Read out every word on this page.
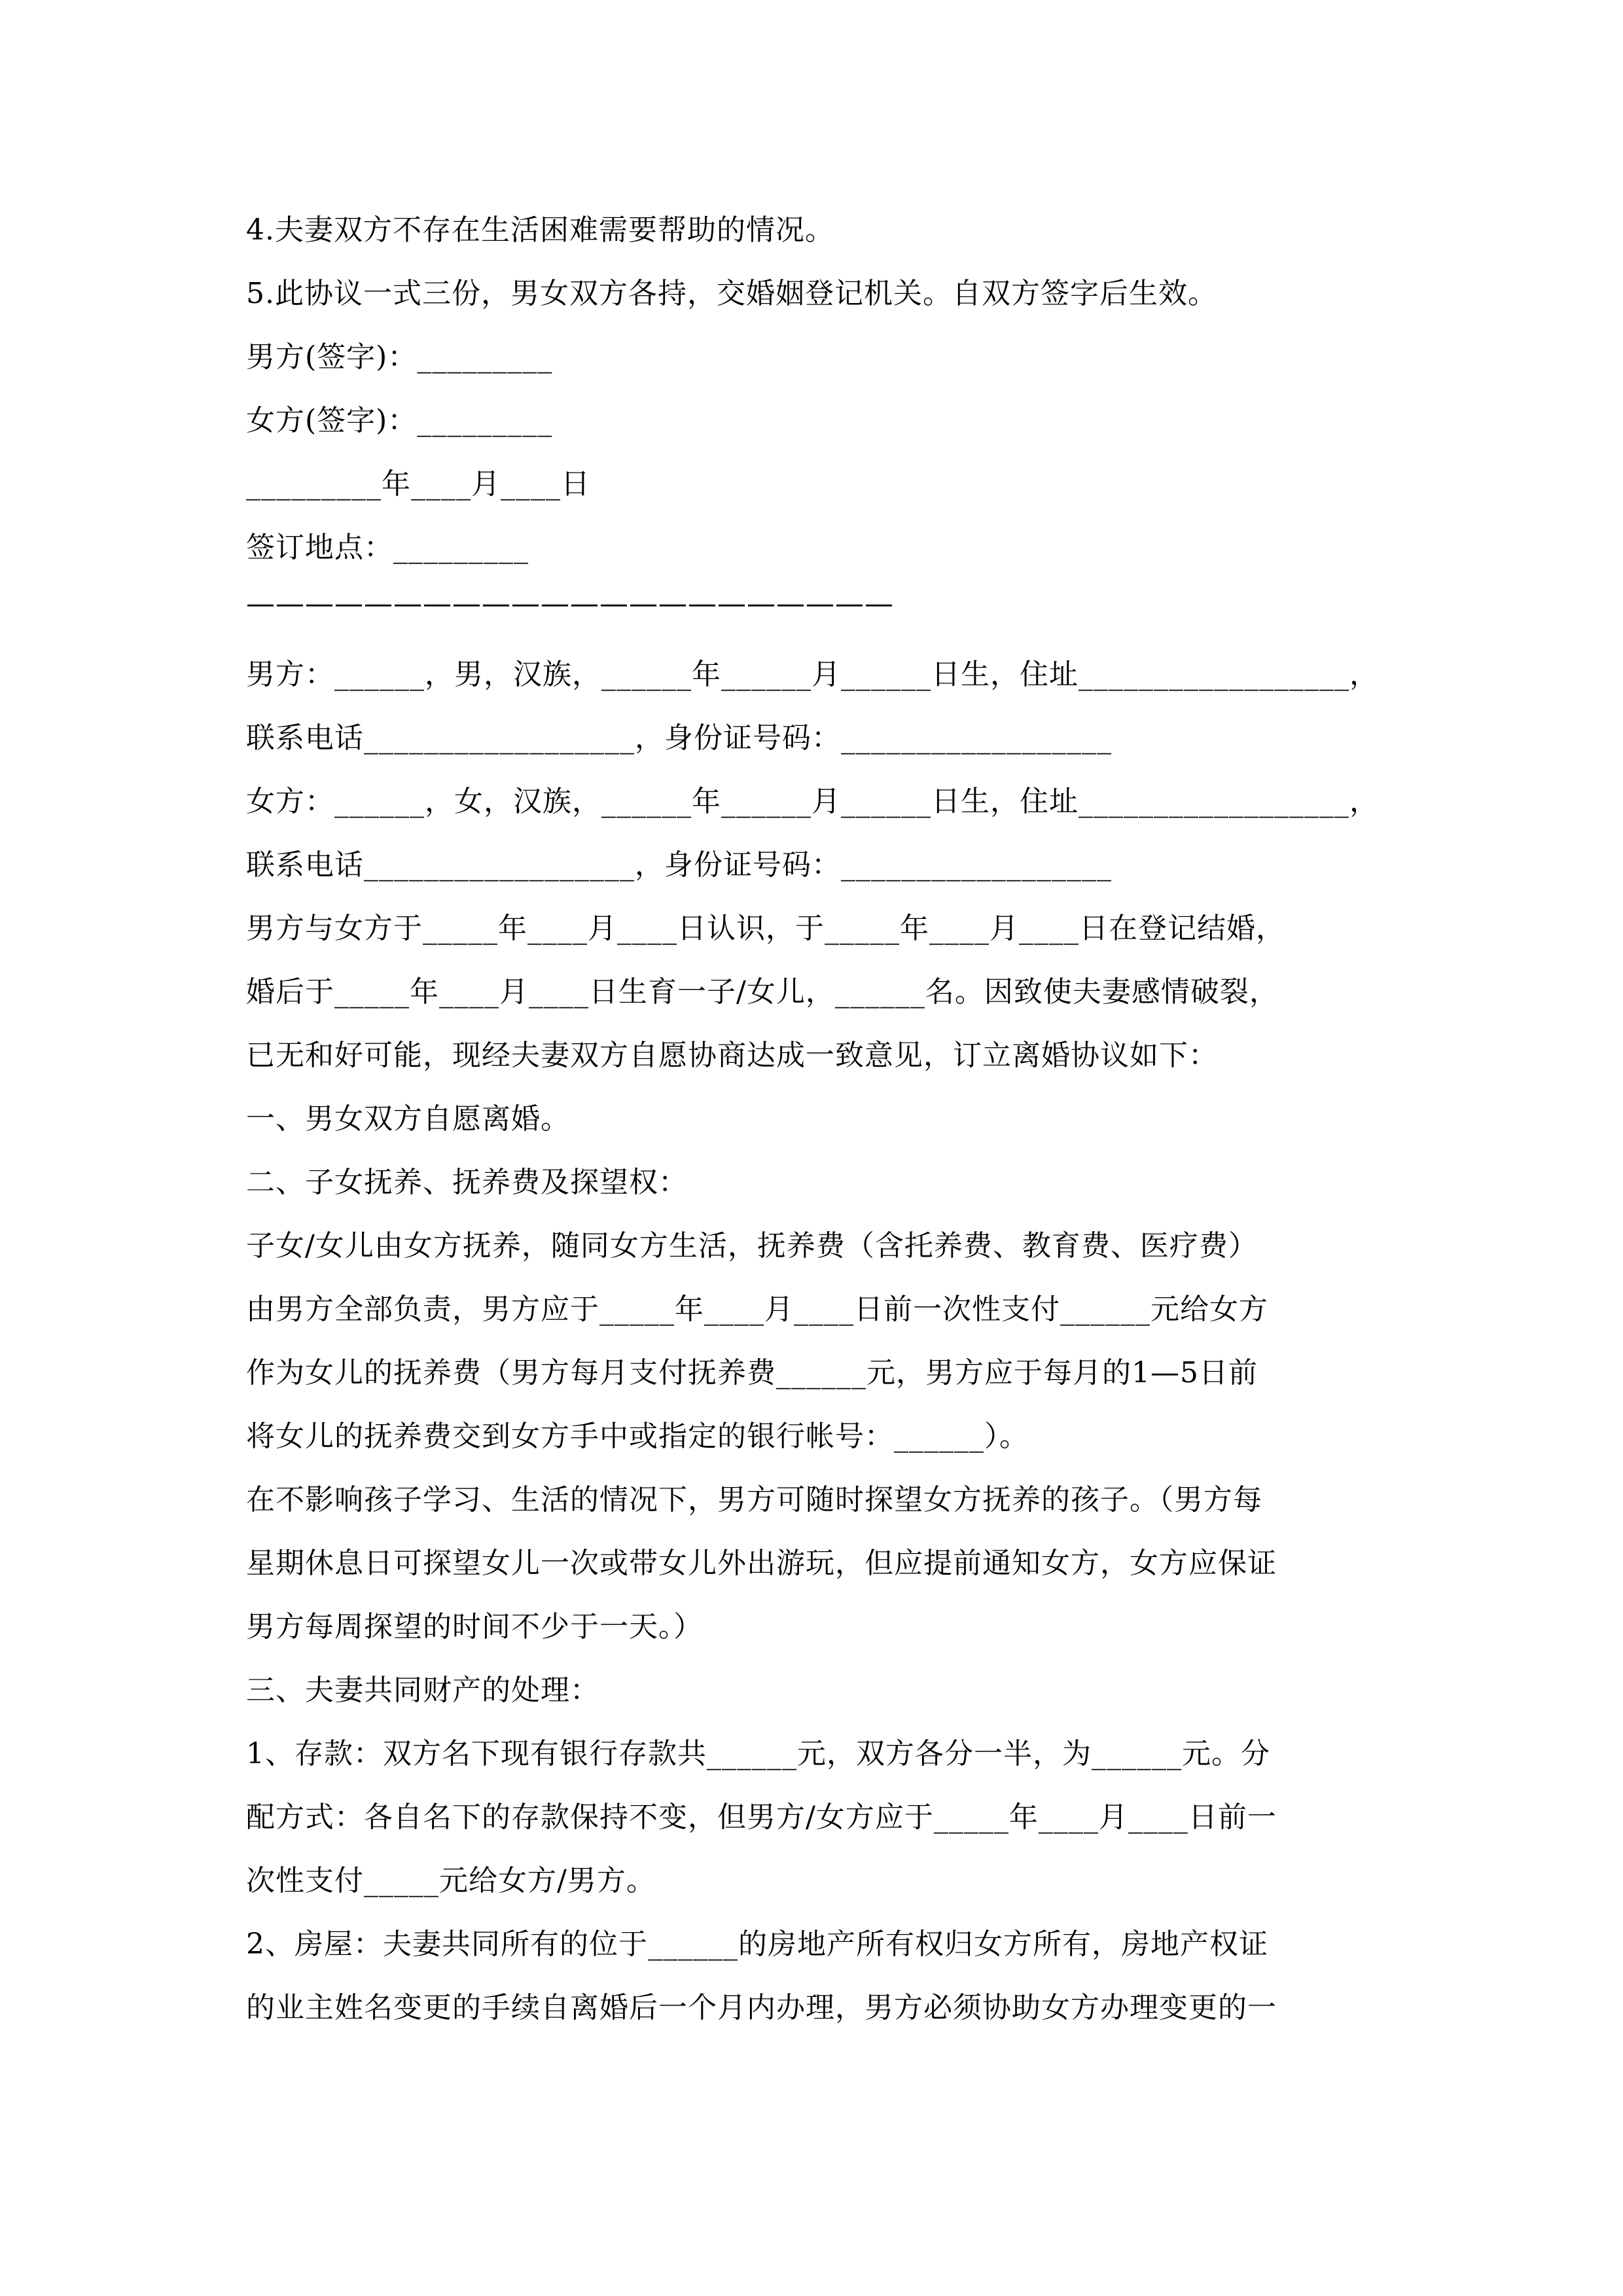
4.夫妻双方不存在生活困难需要帮助的情况。
5.此协议一式三份，男女双方各持，交婚姻登记机关。自双方签字后生效。
男方(签字)：_________
女方(签字)：_________
_________年____月____日
签订地点：_________
——————————————————————
男方：______，男，汉族，______年______月______日生，住址__________________，
联系电话__________________，身份证号码：__________________
女方：______，女，汉族，______年______月______日生，住址__________________，
联系电话__________________，身份证号码：__________________
男方与女方于_____年____月____日认识，于_____年____月____日在登记结婚，
婚后于_____年____月____日生育一子/女儿，______名。因致使夫妻感情破裂，
已无和好可能，现经夫妻双方自愿协商达成一致意见，订立离婚协议如下：
一、男女双方自愿离婚。
二、子女抚养、抚养费及探望权：
子女/女儿由女方抚养，随同女方生活，抚养费（含托养费、教育费、医疗费）
由男方全部负责，男方应于_____年____月____日前一次性支付______元给女方
作为女儿的抚养费（男方每月支付抚养费______元，男方应于每月的1—5日前
将女儿的抚养费交到女方手中或指定的银行帐号：______）。
在不影响孩子学习、生活的情况下，男方可随时探望女方抚养的孩子。（男方每
星期休息日可探望女儿一次或带女儿外出游玩，但应提前通知女方，女方应保证
男方每周探望的时间不少于一天。）
三、夫妻共同财产的处理：
1、存款：双方名下现有银行存款共______元，双方各分一半，为______元。分
配方式：各自名下的存款保持不变，但男方/女方应于_____年____月____日前一
次性支付_____元给女方/男方。
2、房屋：夫妻共同所有的位于______的房地产所有权归女方所有，房地产权证
的业主姓名变更的手续自离婚后一个月内办理，男方必须协助女方办理变更的一
